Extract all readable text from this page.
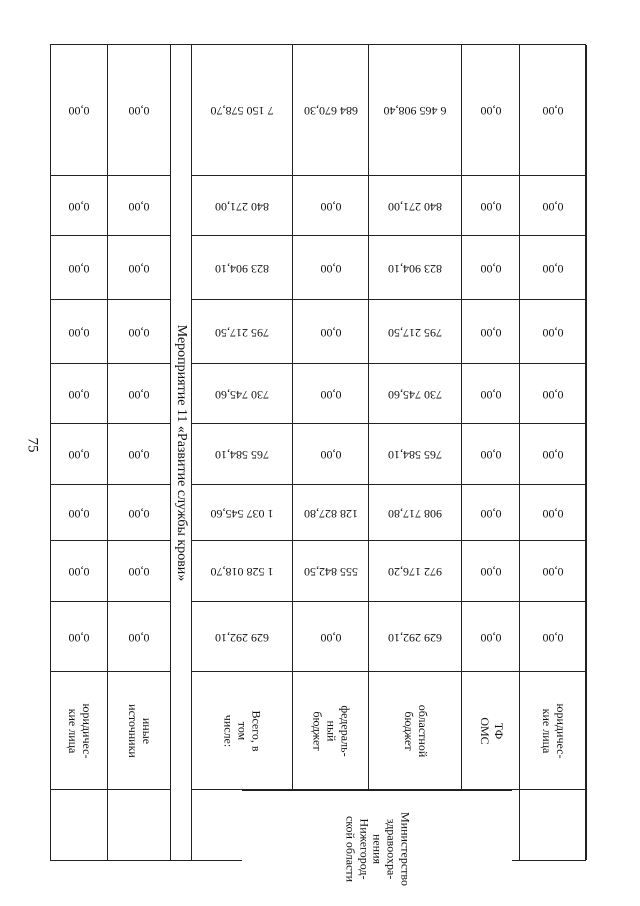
75
0,00
0,00
0,00
0,00
0,00
0,00
0,00
0,00
0,00
юридичес-
кие лица
0,00
0,00
0,00
0,00
0,00
0,00
0,00
0,00
0,00
иные
источники
Мероприятие 11 «Развитие службы крови»
7 150 578,70
840 271,00
823 904,10
795 217,50
730 745,60
765 584,10
1 037 545,60
1 528 018,70
629 292,10
Всего, в
том числе:
684 670,30
0,00
0,00
0,00
0,00
0,00
128 827,80
555 842,50
0,00
федераль-
ный
бюджет
6 465 908,40
840 271,00
823 904,10
795 217,50
730 745,60
765 584,10
908 717,80
972 176,20
629 292,10
областной
бюджет
0,00
0,00
0,00
0,00
0,00
0,00
0,00
0,00
0,00
ТФ ОМС
0,00
0,00
0,00
0,00
0,00
0,00
0,00
0,00
0,00
юридичес-
кие лица
Министерство
здравоохра-
нения
Нижегород-
ской области
